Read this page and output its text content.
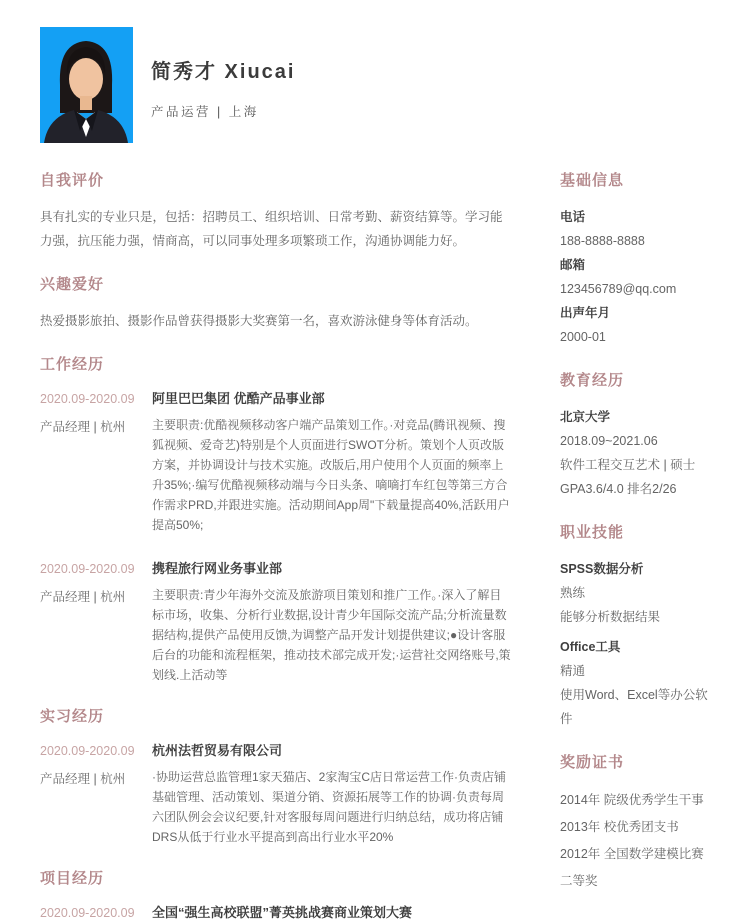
简秀才 Xiucai
产品运营 | 上海
自我评价
具有扎实的专业只是，包括：招聘员工、组织培训、日常考勤、薪资结算等。学习能力强，抗压能力强，情商高，可以同事处理多项繁琐工作，沟通协调能力好。
兴趣爱好
热爱摄影旅拍、摄影作品曾获得摄影大奖赛第一名，喜欢游泳健身等体育活动。
工作经历
2020.09-2020.09
产品经理 | 杭州
阿里巴巴集团 优酷产品事业部
主要职责:优酷视频移动客户端产品策划工作。·对竞品(腾讯视频、搜狐视频、爱奇艺)特别是个人页面进行SWOT分析。策划个人页改版方案，并协调设计与技术实施。改版后,用户使用个人页面的频率上升35%;·编写优酷视频移动端与今日头条、嘀嘀打车红包等第三方合作需求PRD,并跟进实施。活动期间App周"下载量提高40%,活跃用户提高50%;
2020.09-2020.09
产品经理 | 杭州
携程旅行网业务事业部
主要职责:青少年海外交流及旅游项目策划和推广工作。·深入了解目标市场，收集、分析行业数据,设计青少年国际交流产品;分析流量数据结构,提供产品使用反馈,为调整产品开发计划提供建议;●设计客服后台的功能和流程框架，推动技术部完成开发;·运营社交网络账号,策划线.上活动等
实习经历
2020.09-2020.09
产品经理 | 杭州
杭州法哲贸易有限公司
·协助运营总监管理1家天猫店、2家淘宝C店日常运营工作·负责店铺基础管理、活动策划、渠道分销、资源拓展等工作的协调·负责每周六团队例会会议纪要,针对客服每周问题进行归纳总结，成功将店铺DRS从低于行业水平提高到高出行业水平20%
项目经历
2020.09-2020.09	全国“强生高校联盟”菁英挑战赛商业策划大赛
基础信息
电话
188-8888-8888
邮箱
123456789@qq.com
出声年月
2000-01
教育经历
北京大学
2018.09~2021.06
软件工程交互艺术 | 硕士
GPA3.6/4.0 排名2/26
职业技能
SPSS数据分析
熟练
能够分析数据结果
Office工具
精通
使用Word、Excel等办公软件
奖励证书
2014年 院级优秀学生干事
2013年 校优秀团支书
2012年 全国数学建模比赛二等奖
